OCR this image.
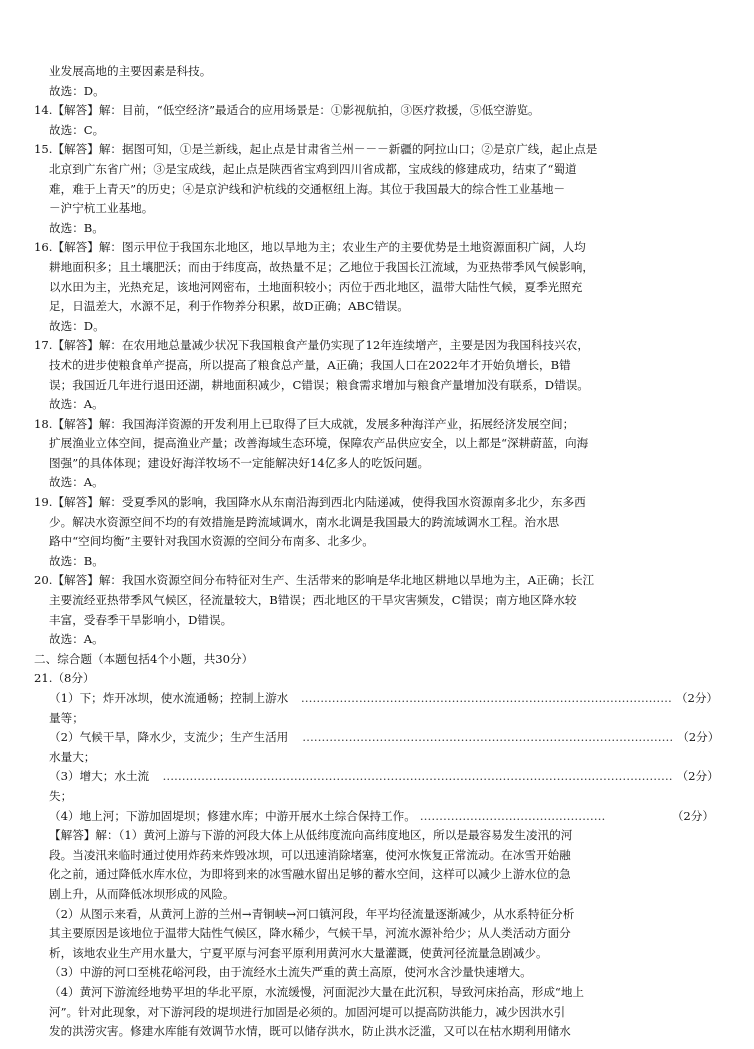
业发展高地的主要因素是科技。

故选：D。

14.【解答】解：目前，“低空经济”最适合的应用场景是：①影视航拍，③医疗救援，⑤低空游览。

故选：C。

15.【解答】解：据图可知，①是兰新线，起止点是甘肃省兰州－－－新疆的阿拉山口；②是京广线，起止点是

北京到广东省广州；③是宝成线，起止点是陕西省宝鸡到四川省成都，宝成线的修建成功，结束了“蜀道

难，难于上青天”的历史；④是京沪线和沪杭线的交通枢纽上海。其位于我国最大的综合性工业基地－

－沪宁杭工业基地。

故选：B。

16.【解答】解：图示甲位于我国东北地区，地以旱地为主；农业生产的主要优势是土地资源面积广阔，人均

耕地面积多；且土壤肥沃；而由于纬度高，故热量不足；乙地位于我国长江流域，为亚热带季风气候影响，

以水田为主，光热充足，该地河网密布，土地面积较小；丙位于西北地区，温带大陆性气候，夏季光照充

足，日温差大，水源不足，利于作物养分积累，故D正确；ABC错误。

故选：D。

17.【解答】解：在农用地总量减少状况下我国粮食产量仍实现了12年连续增产，主要是因为我国科技兴农，

技术的进步使粮食单产提高，所以提高了粮食总产量，A正确；我国人口在2022年才开始负增长，B错

误；我国近几年进行退田还湖，耕地面积减少，C错误；粮食需求增加与粮食产量增加没有联系，D错误。

故选：A。

18.【解答】解：我国海洋资源的开发利用上已取得了巨大成就，发展多种海洋产业，拓展经济发展空间；

扩展渔业立体空间，提高渔业产量；改善海域生态环境，保障农产品供应安全，以上都是“深耕蔚蓝，向海

图强”的具体体现；建设好海洋牧场不一定能解决好14亿多人的吃饭问题。

故选：A。

19.【解答】解：受夏季风的影响，我国降水从东南沿海到西北内陆递减，使得我国水资源南多北少，东多西

少。解决水资源空间不均的有效措施是跨流域调水，南水北调是我国最大的跨流域调水工程。治水思

路中“空间均衡”主要针对我国水资源的空间分布南多、北多少。

故选：B。

20.【解答】解：我国水资源空间分布特征对生产、生活带来的影响是华北地区耕地以旱地为主，A正确；长江

主要流经亚热带季风气候区，径流量较大，B错误；西北地区的干旱灾害频发，C错误；南方地区降水较

丰富，受春季干旱影响小，D错误。

故选：A。

二、综合题（本题包括4个小题，共30分）

21.（8分）

（1）下；炸开冰坝，使水流通畅；控制上游水量等；
…………………………………………………………………………………… （2分）
（2）气候干旱，降水少，支流少；生产生活用水量大；
…………………………………………………………………………………… （2分）
（3）增大；水土流失；
…………………………………………………………………………………………………………………… （2分）
（4）地上河；下游加固堤坝；修建水库；中游开展水土综合保持工作。 …………………………………………	（2分）

【解答】解：（1）黄河上游与下游的河段大体上从低纬度流向高纬度地区，所以是最容易发生凌汛的河

段。当凌汛来临时通过使用炸药来炸毁冰坝，可以迅速消除堵塞，使河水恢复正常流动。在冰雪开始融

化之前，通过降低水库水位，为即将到来的冰雪融水留出足够的蓄水空间，这样可以减少上游水位的急

剧上升，从而降低冰坝形成的风险。

（2）从图示来看，从黄河上游的兰州→青铜峡→河口镇河段，年平均径流量逐渐减少，从水系特征分析

其主要原因是该地位于温带大陆性气候区，降水稀少，气候干旱，河流水源补给少；从人类活动方面分

析，该地农业生产用水量大，宁夏平原与河套平原利用黄河水大量灌溉，使黄河径流量急剧减少。

（3）中游的河口至桃花峪河段，由于流经水土流失严重的黄土高原，使河水含沙量快速增大。

（4）黄河下游流经地势平坦的华北平原，水流缓慢，河面泥沙大量在此沉积，导致河床抬高，形成“地上

河”。针对此现象，对下游河段的堤坝进行加固是必须的。加固河堤可以提高防洪能力，减少因洪水引

发的洪涝灾害。修建水库能有效调节水情，既可以储存洪水，防止洪水泛滥，又可以在枯水期利用储水
